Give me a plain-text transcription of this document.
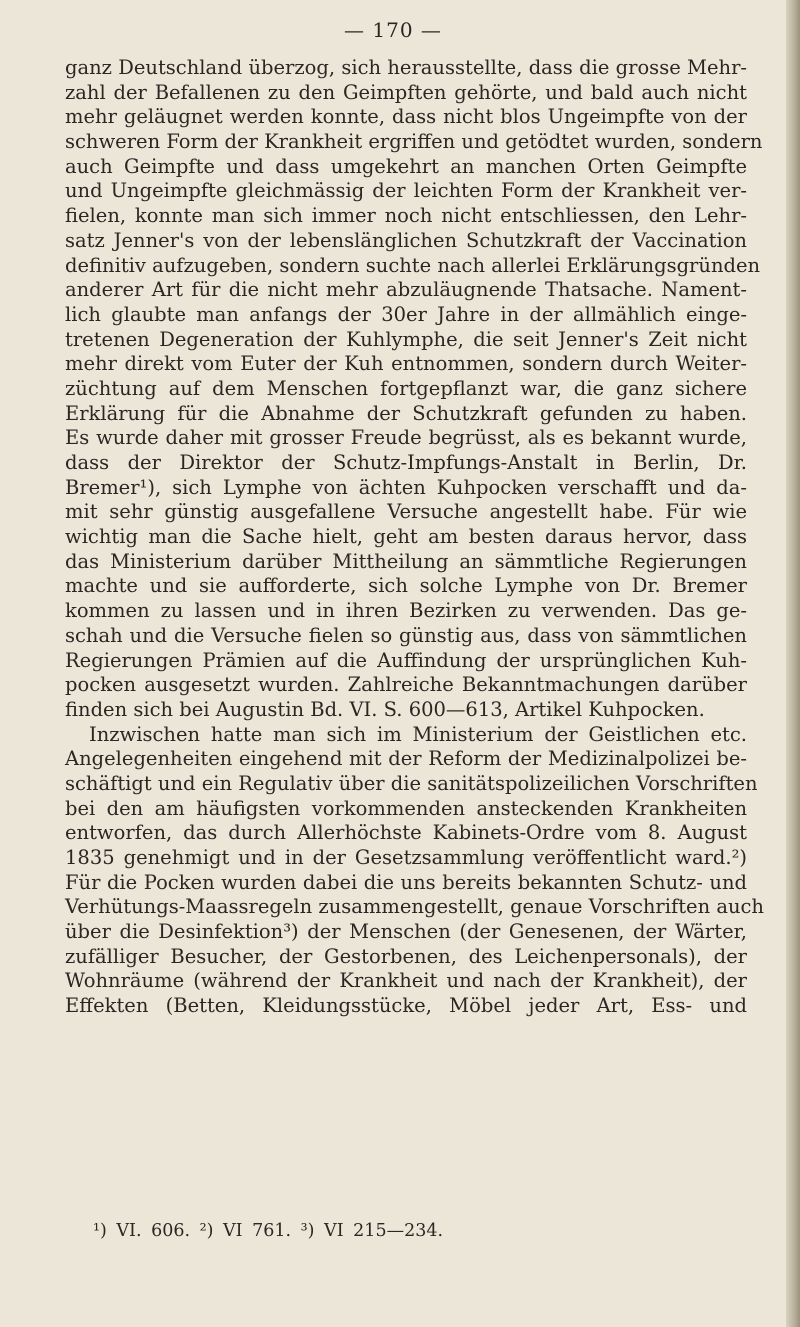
— 170 —
ganz Deutschland überzog, sich herausstellte, dass die grosse Mehr-
zahl der Befallenen zu den Geimpften gehörte, und bald auch nicht
mehr geläugnet werden konnte, dass nicht blos Ungeimpfte von der
schweren Form der Krankheit ergriffen und getödtet wurden, sondern
auch Geimpfte und dass umgekehrt an manchen Orten Geimpfte
und Ungeimpfte gleichmässig der leichten Form der Krankheit ver-
fielen, konnte man sich immer noch nicht entschliessen, den Lehr-
satz Jenner's von der lebenslänglichen Schutzkraft der Vaccination
definitiv aufzugeben, sondern suchte nach allerlei Erklärungsgründen
anderer Art für die nicht mehr abzuläugnende Thatsache. Nament-
lich glaubte man anfangs der 30er Jahre in der allmählich einge-
tretenen Degeneration der Kuhlymphe, die seit Jenner's Zeit nicht
mehr direkt vom Euter der Kuh entnommen, sondern durch Weiter-
züchtung auf dem Menschen fortgepflanzt war, die ganz sichere
Erklärung für die Abnahme der Schutzkraft gefunden zu haben.
Es wurde daher mit grosser Freude begrüsst, als es bekannt wurde,
dass der Direktor der Schutz-Impfungs-Anstalt in Berlin, Dr.
Bremer¹), sich Lymphe von ächten Kuhpocken verschafft und da-
mit sehr günstig ausgefallene Versuche angestellt habe. Für wie
wichtig man die Sache hielt, geht am besten daraus hervor, dass
das Ministerium darüber Mittheilung an sämmtliche Regierungen
machte und sie aufforderte, sich solche Lymphe von Dr. Bremer
kommen zu lassen und in ihren Bezirken zu verwenden. Das ge-
schah und die Versuche fielen so günstig aus, dass von sämmtlichen
Regierungen Prämien auf die Auffindung der ursprünglichen Kuh-
pocken ausgesetzt wurden. Zahlreiche Bekanntmachungen darüber
finden sich bei Augustin Bd. VI. S. 600—613, Artikel Kuhpocken.
Inzwischen hatte man sich im Ministerium der Geistlichen etc.
Angelegenheiten eingehend mit der Reform der Medizinalpolizei be-
schäftigt und ein Regulativ über die sanitätspolizeilichen Vorschriften
bei den am häufigsten vorkommenden ansteckenden Krankheiten
entworfen, das durch Allerhöchste Kabinets-Ordre vom 8. August
1835 genehmigt und in der Gesetzsammlung veröffentlicht ward.²)
Für die Pocken wurden dabei die uns bereits bekannten Schutz- und
Verhütungs-Maassregeln zusammengestellt, genaue Vorschriften auch
über die Desinfektion³) der Menschen (der Genesenen, der Wärter,
zufälliger Besucher, der Gestorbenen, des Leichenpersonals), der
Wohnräume (während der Krankheit und nach der Krankheit), der
Effekten (Betten, Kleidungsstücke, Möbel jeder Art, Ess- und
¹) VI. 606. ²) VI 761. ³) VI 215—234.
